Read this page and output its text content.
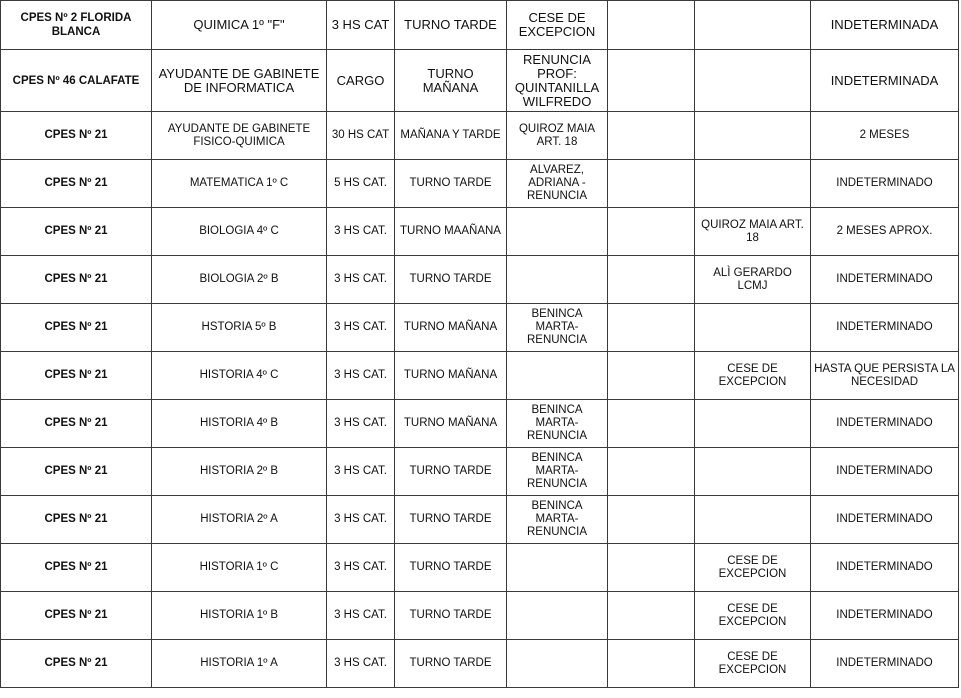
CPES Nº 2 FLORIDA BLANCA	QUIMICA 1º "F"	3 HS CAT	TURNO TARDE	CESE DE EXCEPCION			INDETERMINADA
CPES Nº 46 CALAFATE	AYUDANTE DE GABINETE DE INFORMATICA	CARGO	TURNO MAÑANA	RENUNCIA PROF: QUINTANILLA WILFREDO			INDETERMINADA
CPES Nº 21	AYUDANTE DE GABINETE FISICO-QUIMICA	30 HS CAT	MAÑANA Y TARDE	QUIROZ MAIA ART. 18			2 MESES
CPES Nº 21	MATEMATICA 1º C	5 HS CAT.	TURNO TARDE	ALVAREZ, ADRIANA -RENUNCIA			INDETERMINADO
CPES Nº 21	BIOLOGIA 4º C	3 HS CAT.	TURNO MAAÑANA			QUIROZ MAIA ART. 18	2 MESES APROX.
CPES Nº 21	BIOLOGIA 2º B	3 HS CAT.	TURNO TARDE			ALÌ GERARDO LCMJ	INDETERMINADO
CPES Nº 21	HSTORIA 5º B	3 HS CAT.	TURNO MAÑANA	BENINCA MARTA-RENUNCIA			INDETERMINADO
CPES Nº 21	HISTORIA 4º C	3 HS CAT.	TURNO MAÑANA			CESE DE EXCEPCION	HASTA QUE PERSISTA LA NECESIDAD
CPES Nº 21	HISTORIA 4º B	3 HS CAT.	TURNO MAÑANA	BENINCA MARTA-RENUNCIA			INDETERMINADO
CPES Nº 21	HISTORIA 2º B	3 HS CAT.	TURNO TARDE	BENINCA MARTA-RENUNCIA			INDETERMINADO
CPES Nº 21	HISTORIA 2º A	3 HS CAT.	TURNO TARDE	BENINCA MARTA-RENUNCIA			INDETERMINADO
CPES Nº 21	HISTORIA 1º C	3 HS CAT.	TURNO TARDE			CESE DE EXCEPCION	INDETERMINADO
CPES Nº 21	HISTORIA 1º B	3 HS CAT.	TURNO TARDE			CESE DE EXCEPCION	INDETERMINADO
CPES Nº 21	HISTORIA 1º A	3 HS CAT.	TURNO TARDE			CESE DE EXCEPCION	INDETERMINADO
